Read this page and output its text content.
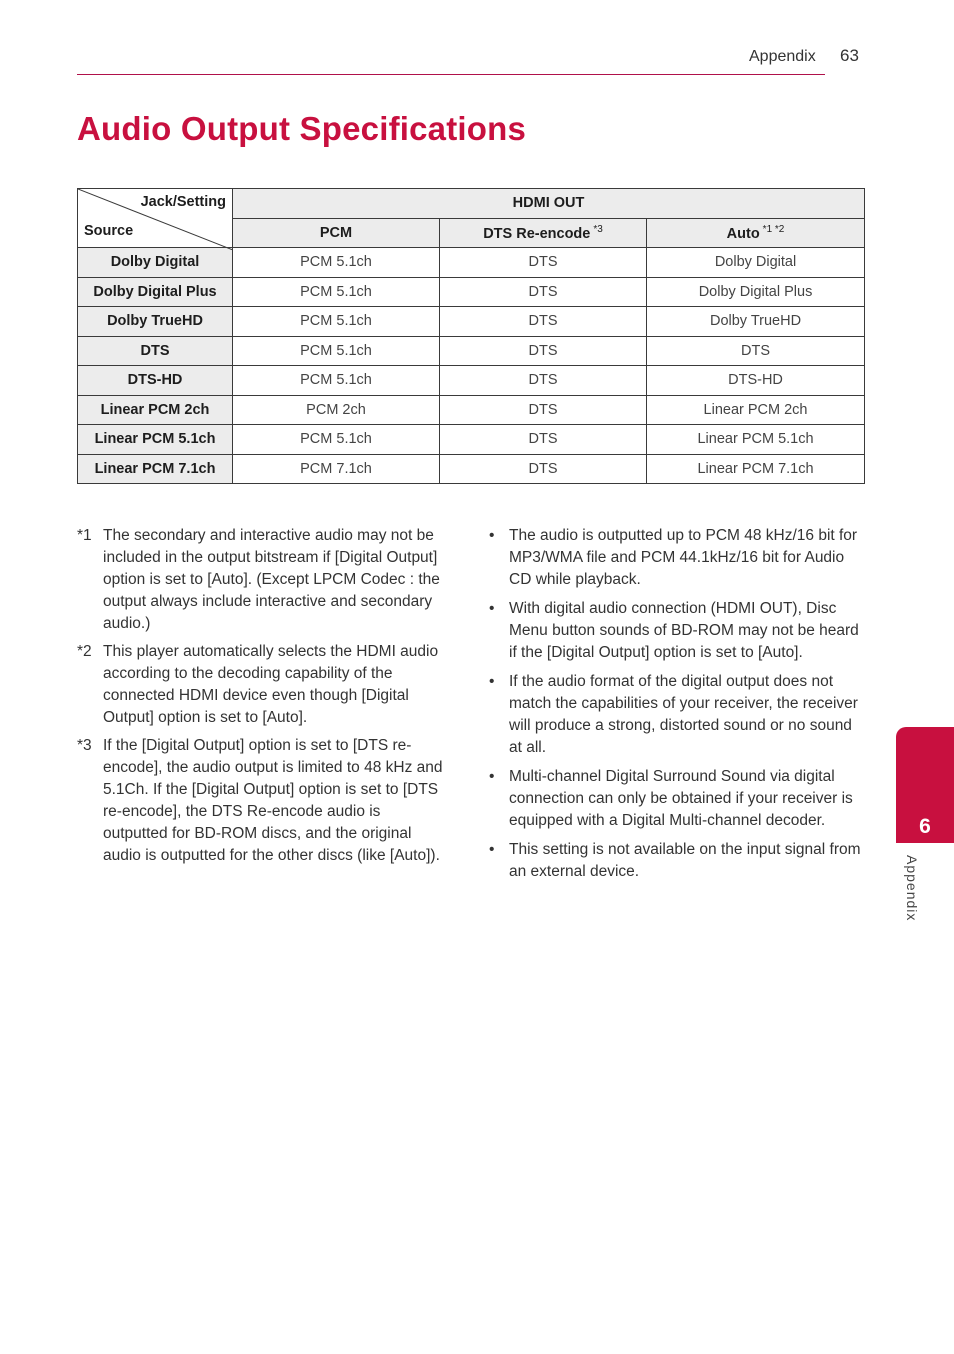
Appendix 63
Audio Output Specifications
Jack/Setting
Source	HDMI OUT		
	PCM	DTS Re-encode $^{*3}$	Auto $^{*1 *2}$
Dolby Digital	PCM 5.1ch	DTS	Dolby Digital
Dolby Digital Plus	PCM 5.1ch	DTS	Dolby Digital Plus
Dolby TrueHD	PCM 5.1ch	DTS	Dolby TrueHD
DTS	PCM 5.1ch	DTS	DTS
DTS-HD	PCM 5.1ch	DTS	DTS-HD
Linear PCM 2ch	PCM 2ch	DTS	Linear PCM 2ch
Linear PCM 5.1ch	PCM 5.1ch	DTS	Linear PCM 5.1ch
Linear PCM 7.1ch	PCM 7.1ch	DTS	Linear PCM 7.1ch
*1 The secondary and interactive audio may not be included in the output bitstream if [Digital Output] option is set to [Auto]. (Except LPCM Codec : the output always include interactive and secondary audio.)
*2 This player automatically selects the HDMI audio according to the decoding capability of the connected HDMI device even though [Digital Output] option is set to [Auto].
*3 If the [Digital Output] option is set to [DTS re-encode], the audio output is limited to 48 kHz and 5.1Ch. If the [Digital Output] option is set to [DTS re-encode], the DTS Re-encode audio is outputted for BD-ROM discs, and the original audio is outputted for the other discs (like [Auto]).
• The audio is outputted up to PCM 48 kHz/16 bit for MP3/WMA file and PCM 44.1kHz/16 bit for Audio CD while playback.
• With digital audio connection (HDMI OUT), Disc Menu button sounds of BD-ROM may not be heard if the [Digital Output] option is set to [Auto].
• If the audio format of the digital output does not match the capabilities of your receiver, the receiver will produce a strong, distorted sound or no sound at all.
• Multi-channel Digital Surround Sound via digital connection can only be obtained if your receiver is equipped with a Digital Multi-channel decoder.
• This setting is not available on the input signal from an external device.
6
Appendix
